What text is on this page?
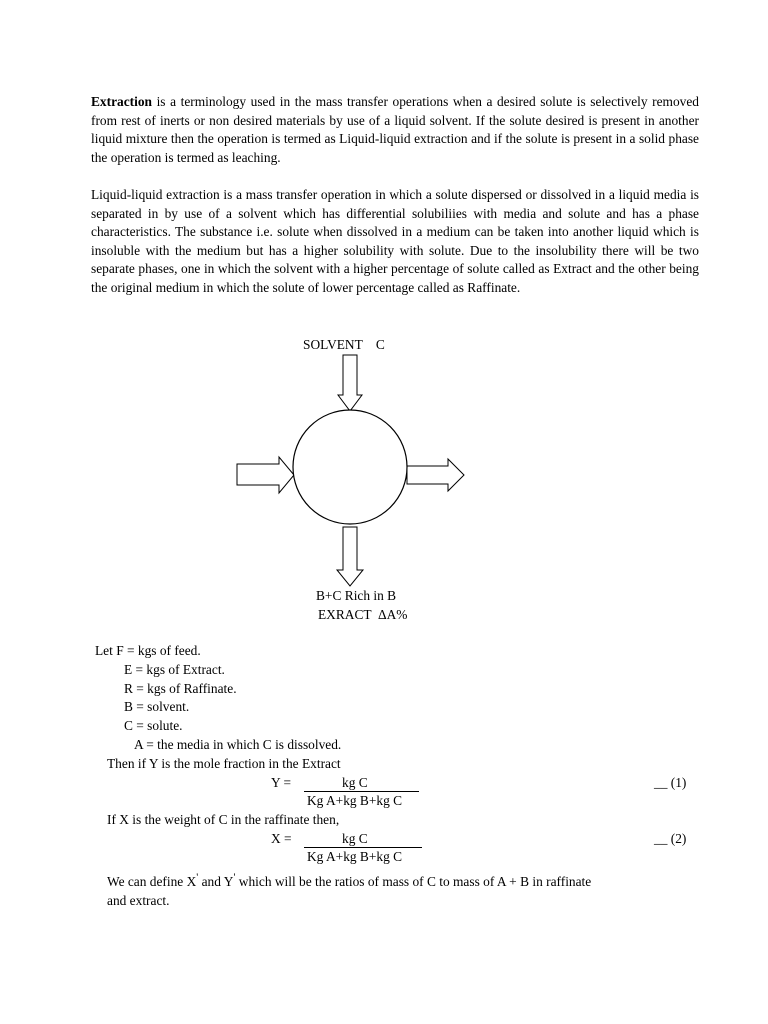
Extraction is a terminology used in the mass transfer operations when a desired solute is selectively removed from rest of inerts or non desired materials by use of a liquid solvent. If the solute desired is present in another liquid mixture then the operation is termed as Liquid-liquid extraction and if the solute is present in a solid phase the operation is termed as leaching.

Liquid-liquid extraction is a mass transfer operation in which a solute dispersed or dissolved in a liquid media is separated in by use of a solvent which has differential solubiliies with media and solute and has a phase characteristics. The substance i.e. solute when dissolved in a medium can be taken into another liquid which is insoluble with the medium but has a higher solubility with solute. Due to the insolubility there will be two separate phases, one in which the solvent with a higher percentage of solute called as Extract and the other being the original medium in which the solute of lower percentage called as Raffinate.

SOLVENT    C
B+C Rich in B
EXRACT  ΔA%
Let F = kgs of feed.
E = kgs of Extract.
R = kgs of Raffinate.
B = solvent.
C = solute.
A = the media in which C is dissolved.
Then if Y is the mole fraction in the Extract
Y =	kg C
Kg A+kg B+kg C
__ (1)
If X is the weight of C in the raffinate then,
X =	kg C
Kg A+kg B+kg C
__ (2)
We can define X' and Y' which will be the ratios of mass of C to mass of A + B in raffinate
and extract.
